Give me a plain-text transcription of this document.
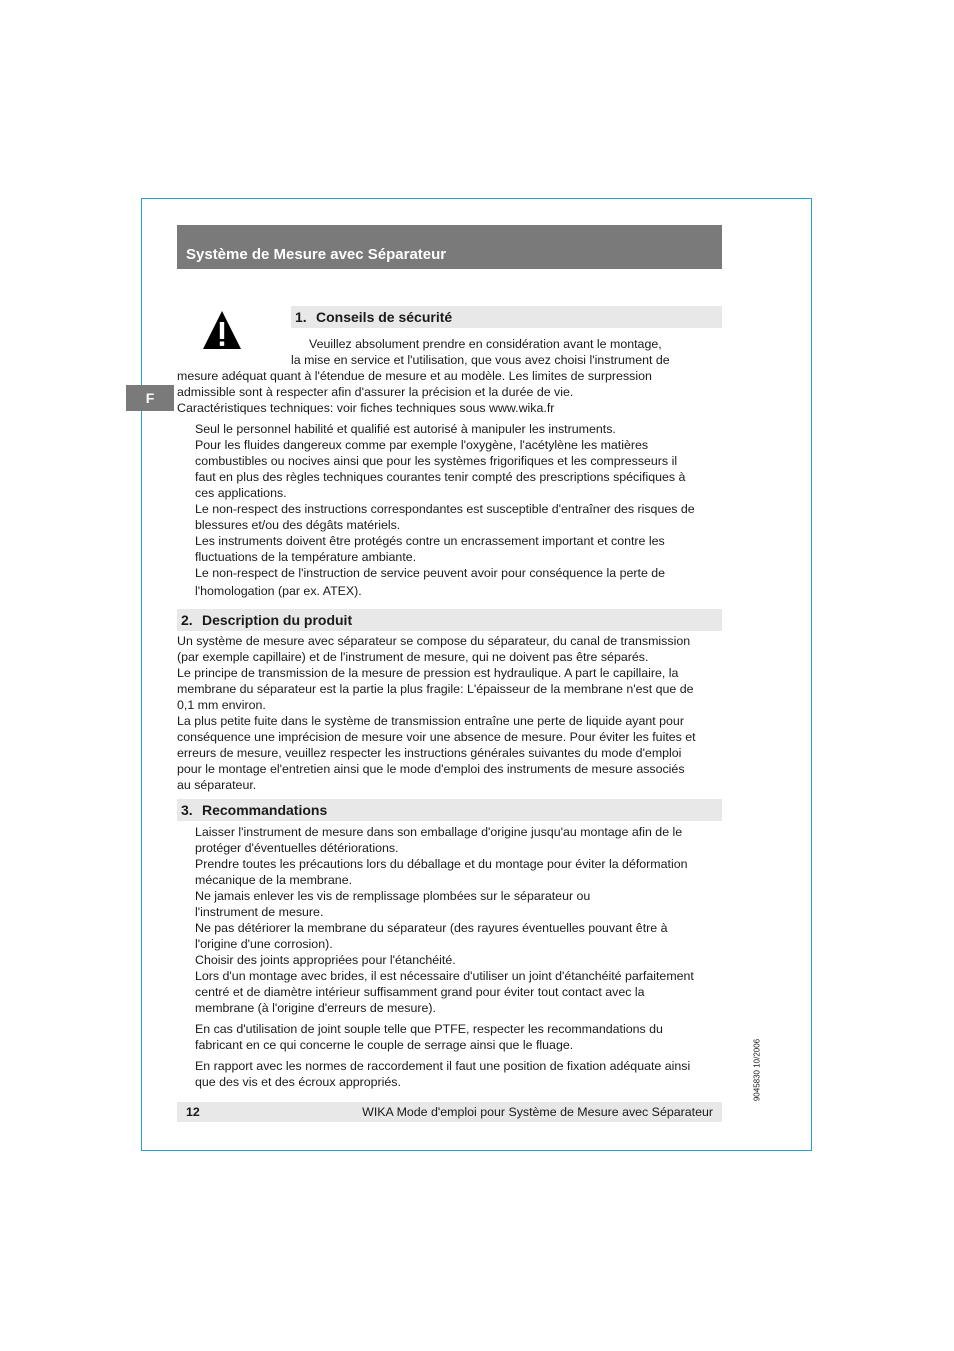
Système de Mesure avec Séparateur
F
1. Conseils de sécurité
Veuillez absolument prendre en considération avant le montage,
la mise en service et l'utilisation, que vous avez choisi l'instrument de
mesure adéquat quant à l'étendue de mesure et au modèle. Les limites de surpression
admissible sont à respecter afin d'assurer la précision et la durée de vie.
Caractéristiques techniques: voir fiches techniques sous www.wika.fr

Seul le personnel habilité et qualifié est autorisé à manipuler les instruments.

Pour les fluides dangereux comme par exemple l'oxygène, l'acétylène les matières

combustibles ou nocives ainsi que pour les systèmes frigorifiques et les compresseurs il

faut en plus des règles techniques courantes tenir compté des prescriptions spécifiques à

ces applications.

Le non-respect des instructions correspondantes est susceptible d'entraîner des risques de

blessures et/ou des dégâts matériels.

Les instruments doivent être protégés contre un encrassement important et contre les

fluctuations de la température ambiante.

Le non-respect de l'instruction de service peuvent avoir pour conséquence la perte de

l'homologation (par ex. ATEX).

2. Description du produit

Un système de mesure avec séparateur se compose du séparateur, du canal de transmission

(par exemple capillaire) et de l'instrument de mesure, qui ne doivent pas être séparés.

Le principe de transmission de la mesure de pression est hydraulique. A part le capillaire, la

membrane du séparateur est la partie la plus fragile: L'épaisseur de la membrane n'est que de

0,1 mm environ.

La plus petite fuite dans le système de transmission entraîne une perte de liquide ayant pour

conséquence une imprécision de mesure voir une absence de mesure. Pour éviter les fuites et

erreurs de mesure, veuillez respecter les instructions générales suivantes du mode d'emploi

pour le montage el'entretien ainsi que le mode d'emploi des instruments de mesure associés

au séparateur.

3. Recommandations

Laisser l'instrument de mesure dans son emballage d'origine jusqu'au montage afin de le

protéger d'éventuelles détériorations.

Prendre toutes les précautions lors du déballage et du montage pour éviter la déformation

mécanique de la membrane.

Ne jamais enlever les vis de remplissage plombées sur le séparateur ou

l'instrument de mesure.

Ne pas détériorer la membrane du séparateur (des rayures éventuelles pouvant être à

l'origine d'une corrosion).

Choisir des joints appropriées pour l'étanchéité.

Lors d'un montage avec brides, il est nécessaire d'utiliser un joint d'étanchéité parfaitement

centré et de diamètre intérieur suffisamment grand pour éviter tout contact avec la

membrane (à l'origine d'erreurs de mesure).

En cas d'utilisation de joint souple telle que PTFE, respecter les recommandations du

fabricant en ce qui concerne le couple de serrage ainsi que le fluage.

En rapport avec les normes de raccordement il faut une position de fixation adéquate ainsi

que des vis et des écroux appropriés.

12	WIKA Mode d'emploi pour Système de Mesure avec Séparateur
9045830 10/2006
